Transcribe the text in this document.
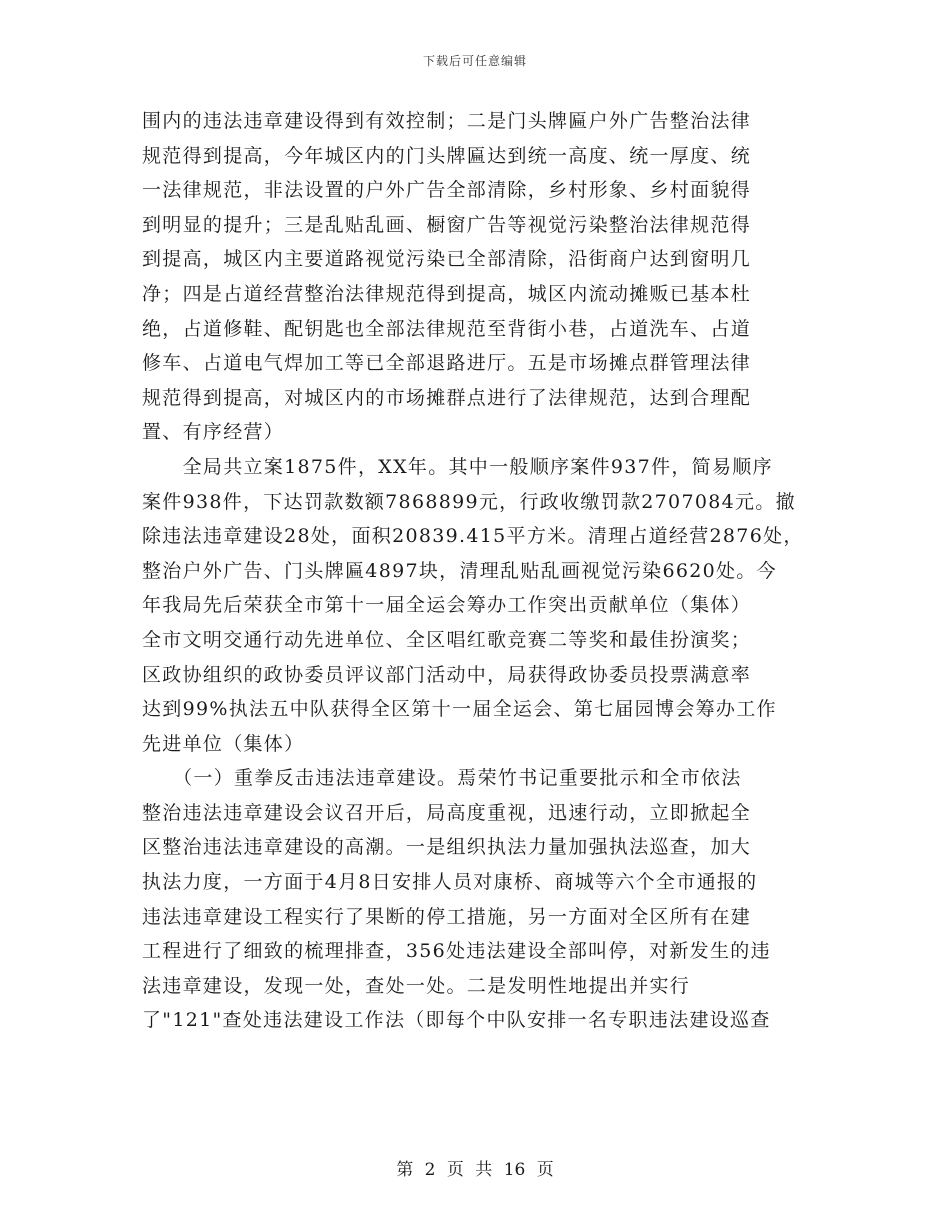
下载后可任意编辑
围内的违法违章建设得到有效控制；二是门头牌匾户外广告整治法律
规范得到提高，今年城区内的门头牌匾达到统一高度、统一厚度、统
一法律规范，非法设置的户外广告全部清除，乡村形象、乡村面貌得
到明显的提升；三是乱贴乱画、橱窗广告等视觉污染整治法律规范得
到提高，城区内主要道路视觉污染已全部清除，沿街商户达到窗明几
净；四是占道经营整治法律规范得到提高，城区内流动摊贩已基本杜
绝，占道修鞋、配钥匙也全部法律规范至背街小巷，占道洗车、占道
修车、占道电气焊加工等已全部退路进厅。五是市场摊点群管理法律
规范得到提高，对城区内的市场摊群点进行了法律规范，达到合理配
置、有序经营）
　　全局共立案1875件，XX年。其中一般顺序案件937件，简易顺序
案件938件，下达罚款数额7868899元，行政收缴罚款2707084元。撤
除违法违章建设28处，面积20839.415平方米。清理占道经营2876处，
整治户外广告、门头牌匾4897块，清理乱贴乱画视觉污染6620处。今
年我局先后荣获全市第十一届全运会筹办工作突出贡献单位（集体）
全市文明交通行动先进单位、全区唱红歌竞赛二等奖和最佳扮演奖；
区政协组织的政协委员评议部门活动中，局获得政协委员投票满意率
达到99%执法五中队获得全区第十一届全运会、第七届园博会筹办工作
先进单位（集体）
　　（一）重拳反击违法违章建设。焉荣竹书记重要批示和全市依法
整治违法违章建设会议召开后，局高度重视，迅速行动，立即掀起全
区整治违法违章建设的高潮。一是组织执法力量加强执法巡查，加大
执法力度，一方面于4月8日安排人员对康桥、商城等六个全市通报的
违法违章建设工程实行了果断的停工措施，另一方面对全区所有在建
工程进行了细致的梳理排查，356处违法建设全部叫停，对新发生的违
法违章建设，发现一处，查处一处。二是发明性地提出并实行
了"121"查处违法建设工作法（即每个中队安排一名专职违法建设巡查
第 2 页 共 16 页
